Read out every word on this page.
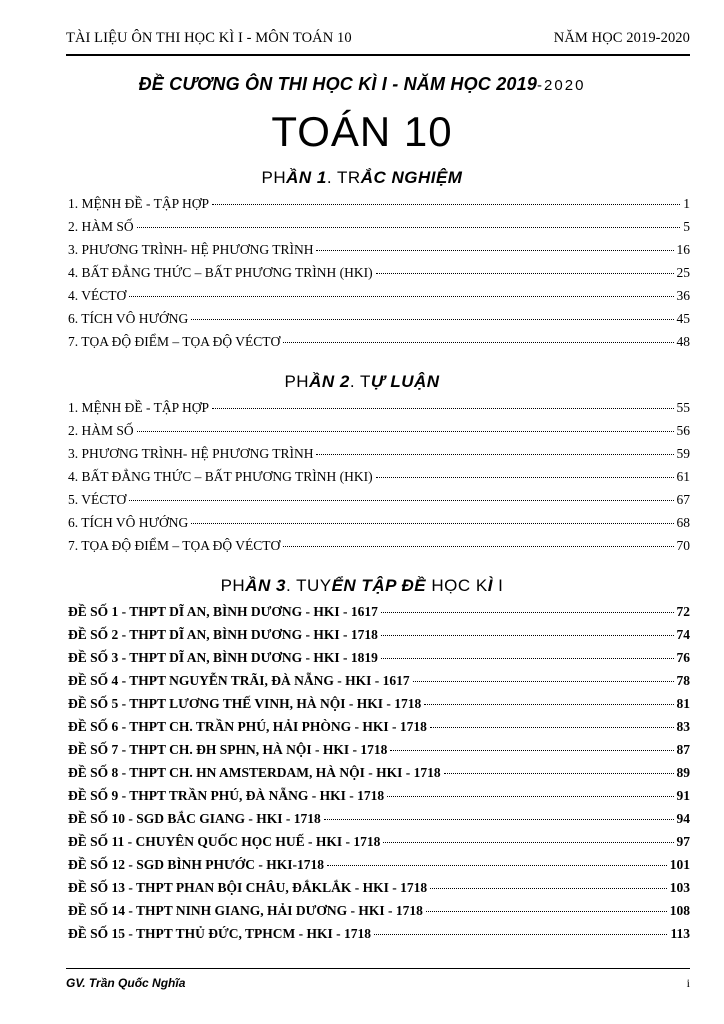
TÀI LIỆU ÔN THI HỌC KÌ I - MÔN TOÁN 10	NĂM HỌC 2019-2020
ĐỀ CƯƠNG ÔN THI HỌC KÌ I - NĂM HỌC 2019-2020
TOÁN 10
PHẦN 1. TRẮC NGHIỆM
1. MỆNH ĐỀ - TẬP HỢP	1
2. HÀM SỐ	5
3. PHƯƠNG TRÌNH- HỆ PHƯƠNG TRÌNH	16
4. BẤT ĐẲNG THỨC – BẤT PHƯƠNG TRÌNH (HKI)	25
4. VÉCTƠ	36
6. TÍCH VÔ HƯỚNG	45
7. TỌA ĐỘ ĐIỂM – TỌA ĐỘ VÉCTƠ	48
PHẦN 2. TỰ LUẬN
1. MỆNH ĐỀ - TẬP HỢP	55
2. HÀM SỐ	56
3. PHƯƠNG TRÌNH- HỆ PHƯƠNG TRÌNH	59
4. BẤT ĐẲNG THỨC – BẤT PHƯƠNG TRÌNH (HKI)	61
5. VÉCTƠ	67
6. TÍCH VÔ HƯỚNG	68
7. TỌA ĐỘ ĐIỂM – TỌA ĐỘ VÉCTƠ	70
PHẦN 3. TUYỂN TẬP ĐỀ HỌC KÌ I
ĐỀ SỐ 1 - THPT DĨ AN, BÌNH DƯƠNG - HKI - 1617	72
ĐỀ SỐ 2 - THPT DĨ AN, BÌNH DƯƠNG - HKI - 1718	74
ĐỀ SỐ 3 - THPT DĨ AN, BÌNH DƯƠNG - HKI - 1819	76
ĐỀ SỐ 4 - THPT NGUYỄN TRÃI, ĐÀ NẴNG - HKI - 1617	78
ĐỀ SỐ 5 - THPT LƯƠNG THẾ VINH, HÀ NỘI - HKI - 1718	81
ĐỀ SỐ 6 - THPT CH. TRẦN PHÚ, HẢI PHÒNG - HKI - 1718	83
ĐỀ SỐ 7 - THPT CH. ĐH SPHN, HÀ NỘI - HKI - 1718	87
ĐỀ SỐ 8 - THPT CH. HN AMSTERDAM, HÀ NỘI - HKI - 1718	89
ĐỀ SỐ 9 - THPT TRẦN PHÚ, ĐÀ NẴNG - HKI - 1718	91
ĐỀ SỐ 10 - SGD BẮC GIANG - HKI - 1718	94
ĐỀ SỐ 11 - CHUYÊN QUỐC HỌC HUẾ - HKI - 1718	97
ĐỀ SỐ 12 - SGD BÌNH PHƯỚC - HKI-1718	101
ĐỀ SỐ 13 - THPT PHAN BỘI CHÂU, ĐẮKLẮK - HKI - 1718	103
ĐỀ SỐ 14 - THPT NINH GIANG, HẢI DƯƠNG - HKI - 1718	108
ĐỀ SỐ 15 - THPT THỦ ĐỨC, TPHCM - HKI - 1718	113
GV. Trần Quốc Nghĩa	i
